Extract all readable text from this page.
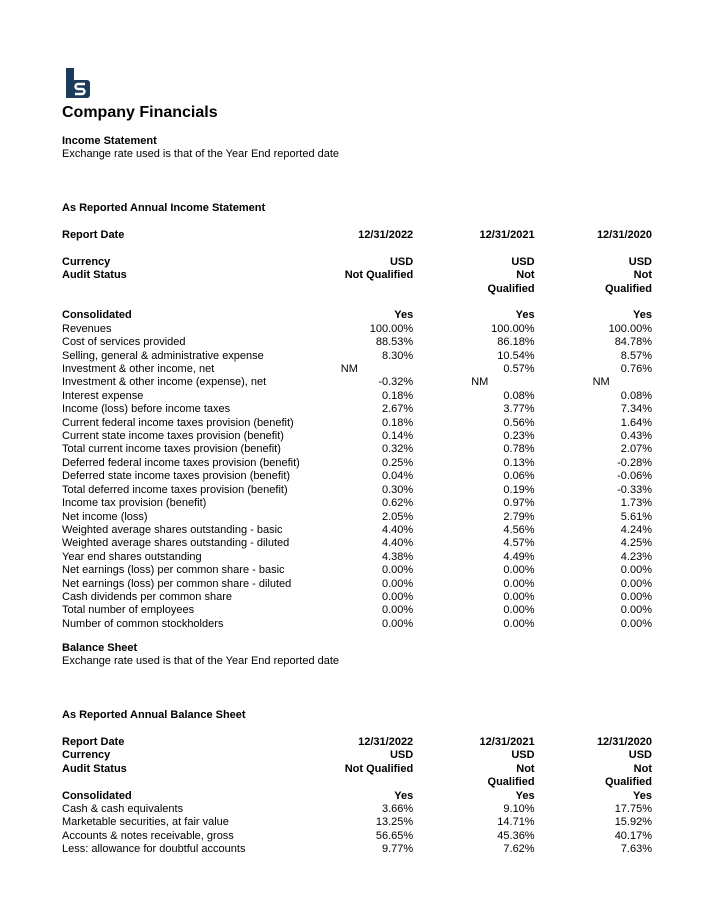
Company Financials
Income Statement
Exchange rate used is that of the Year End reported date
As Reported Annual Income Statement
Report Date	12/31/2022	12/31/2021	12/31/2020

Currency	USD	USD	USD
Audit Status	Not Qualified	Not	Not
		Qualified	Qualified

Consolidated	Yes	Yes	Yes
Revenues	100.00%	100.00%	100.00%
Cost of services provided	88.53%	86.18%	84.78%
Selling, general & administrative expense	8.30%	10.54%	8.57%
Investment & other income, net	NM	0.57%	0.76%
Investment & other income (expense), net	-0.32%	NM	NM
Interest expense	0.18%	0.08%	0.08%
Income (loss) before income taxes	2.67%	3.77%	7.34%
Current federal income taxes provision (benefit)	0.18%	0.56%	1.64%
Current state income taxes provision (benefit)	0.14%	0.23%	0.43%
Total current income taxes provision (benefit)	0.32%	0.78%	2.07%
Deferred federal income taxes provision (benefit)	0.25%	0.13%	-0.28%
Deferred state income taxes provision (benefit)	0.04%	0.06%	-0.06%
Total deferred income taxes provision (benefit)	0.30%	0.19%	-0.33%
Income tax provision (benefit)	0.62%	0.97%	1.73%
Net income (loss)	2.05%	2.79%	5.61%
Weighted average shares outstanding - basic	4.40%	4.56%	4.24%
Weighted average shares outstanding - diluted	4.40%	4.57%	4.25%
Year end shares outstanding	4.38%	4.49%	4.23%
Net earnings (loss) per common share - basic	0.00%	0.00%	0.00%
Net earnings (loss) per common share - diluted	0.00%	0.00%	0.00%
Cash dividends per common share	0.00%	0.00%	0.00%
Total number of employees	0.00%	0.00%	0.00%
Number of common stockholders	0.00%	0.00%	0.00%
Balance Sheet
Exchange rate used is that of the Year End reported date
As Reported Annual Balance Sheet
Report Date	12/31/2022	12/31/2021	12/31/2020
Currency	USD	USD	USD
Audit Status	Not Qualified	Not	Not
		Qualified	Qualified
Consolidated	Yes	Yes	Yes
Cash & cash equivalents	3.66%	9.10%	17.75%
Marketable securities, at fair value	13.25%	14.71%	15.92%
Accounts & notes receivable, gross	56.65%	45.36%	40.17%
Less: allowance for doubtful accounts	9.77%	7.62%	7.63%
